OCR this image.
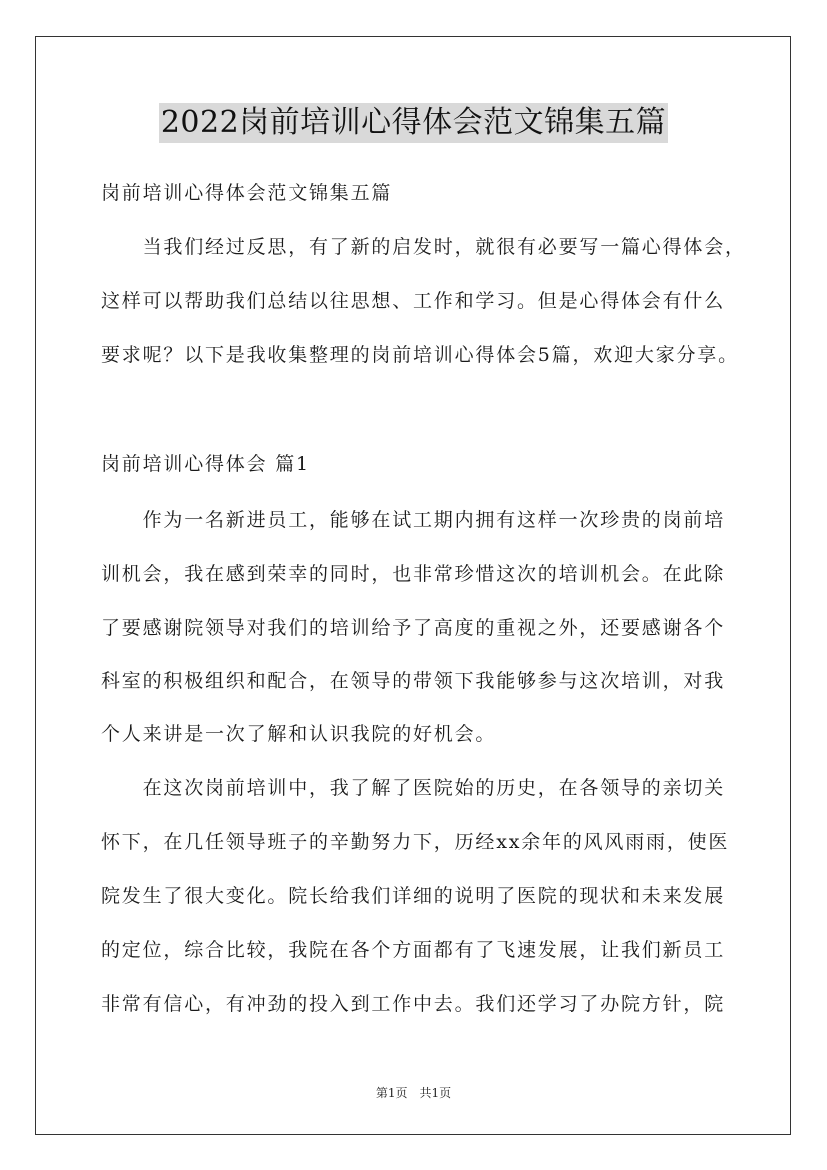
2022岗前培训心得体会范文锦集五篇
岗前培训心得体会范文锦集五篇
　　当我们经过反思，有了新的启发时，就很有必要写一篇心得体会，
这样可以帮助我们总结以往思想、工作和学习。但是心得体会有什么
要求呢？以下是我收集整理的岗前培训心得体会5篇，欢迎大家分享。
岗前培训心得体会 篇1
　　作为一名新进员工，能够在试工期内拥有这样一次珍贵的岗前培
训机会，我在感到荣幸的同时，也非常珍惜这次的培训机会。在此除
了要感谢院领导对我们的培训给予了高度的重视之外，还要感谢各个
科室的积极组织和配合，在领导的带领下我能够参与这次培训，对我
个人来讲是一次了解和认识我院的好机会。
　　在这次岗前培训中，我了解了医院始的历史，在各领导的亲切关
怀下，在几任领导班子的辛勤努力下，历经xx余年的风风雨雨，使医
院发生了很大变化。院长给我们详细的说明了医院的现状和未来发展
的定位，综合比较，我院在各个方面都有了飞速发展，让我们新员工
非常有信心，有冲劲的投入到工作中去。我们还学习了办院方针，院
第1页　共1页
